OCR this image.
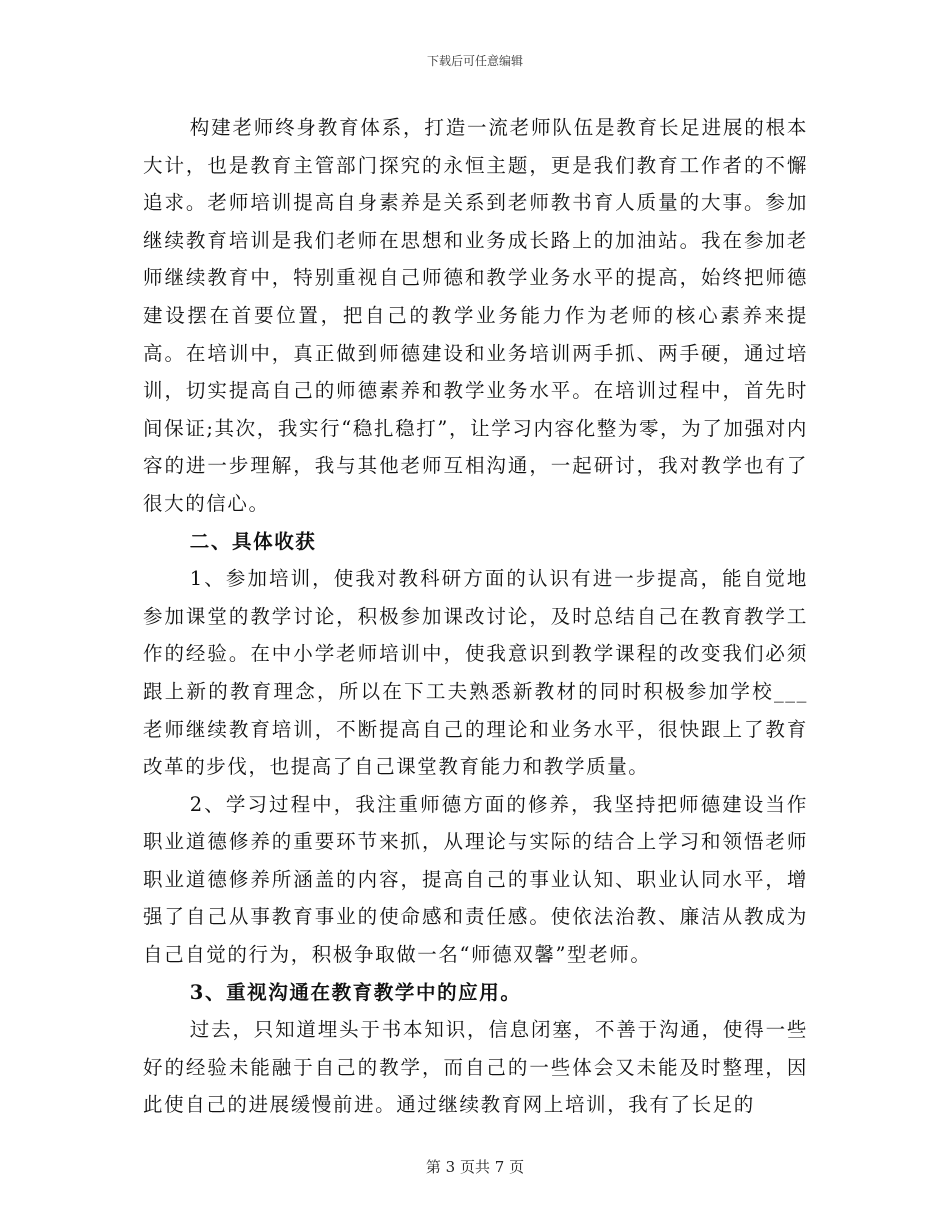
下载后可任意编辑

构建老师终身教育体系，打造一流老师队伍是教育长足进展的根本大计，也是教育主管部门探究的永恒主题，更是我们教育工作者的不懈追求。老师培训提高自身素养是关系到老师教书育人质量的大事。参加继续教育培训是我们老师在思想和业务成长路上的加油站。我在参加老师继续教育中，特别重视自己师德和教学业务水平的提高，始终把师德建设摆在首要位置，把自己的教学业务能力作为老师的核心素养来提高。在培训中，真正做到师德建设和业务培训两手抓、两手硬，通过培训，切实提高自己的师德素养和教学业务水平。在培训过程中，首先时间保证;其次，我实行“稳扎稳打”，让学习内容化整为零，为了加强对内容的进一步理解，我与其他老师互相沟通，一起研讨，我对教学也有了很大的信心。

二、具体收获

1、参加培训，使我对教科研方面的认识有进一步提高，能自觉地参加课堂的教学讨论，积极参加课改讨论，及时总结自己在教育教学工作的经验。在中小学老师培训中，使我意识到教学课程的改变我们必须跟上新的教育理念，所以在下工夫熟悉新教材的同时积极参加学校___老师继续教育培训，不断提高自己的理论和业务水平，很快跟上了教育改革的步伐，也提高了自己课堂教育能力和教学质量。

2、学习过程中，我注重师德方面的修养，我坚持把师德建设当作职业道德修养的重要环节来抓，从理论与实际的结合上学习和领悟老师职业道德修养所涵盖的内容，提高自己的事业认知、职业认同水平，增强了自己从事教育事业的使命感和责任感。使依法治教、廉洁从教成为自己自觉的行为，积极争取做一名“师德双馨”型老师。

3、重视沟通在教育教学中的应用。

过去，只知道埋头于书本知识，信息闭塞，不善于沟通，使得一些好的经验未能融于自己的教学，而自己的一些体会又未能及时整理，因此使自己的进展缓慢前进。通过继续教育网上培训，我有了长足的

第 3 页共 7 页
